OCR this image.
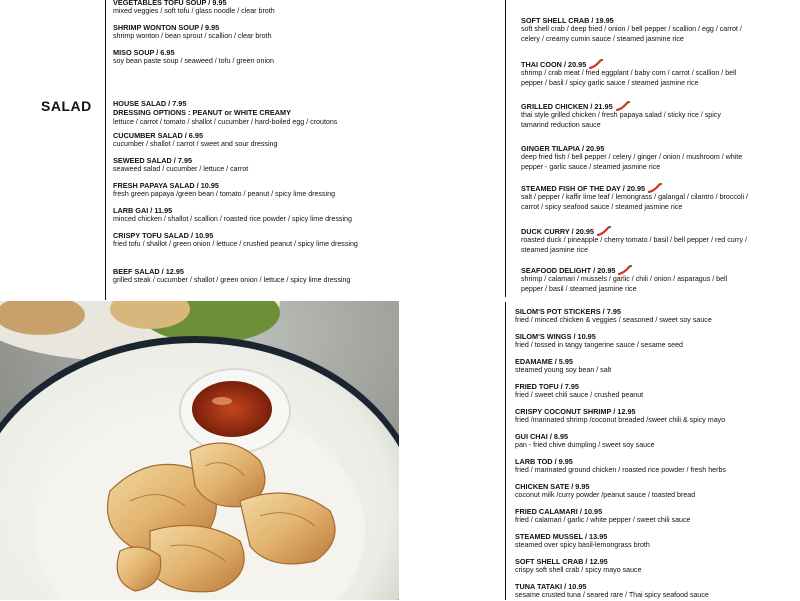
SALAD
VEGETABLES TOFU SOUP / 9.95
mixed veggies / soft tofu / glass noodle / clear broth
SHRIMP WONTON SOUP / 9.95
shrimp wonton / bean sprout / scallion / clear broth
MISO SOUP / 6.95
soy bean paste soup / seaweed / tofu / green onion
HOUSE SALAD / 7.95
DRESSING OPTIONS : PEANUT or WHITE CREAMY
lettuce / carrot / tomato / shallot / cucumber / hard-boiled egg / croutons
CUCUMBER SALAD / 6.95
cucumber / shallot / carrot / sweet and sour dressing
SEWEED SALAD / 7.95
seaweed salad / cucumber / lettuce / carrot
FRESH PAPAYA SALAD / 10.95
fresh green papaya /green bean / tomato / peanut / spicy lime dressing
LARB GAI / 11.95
minced chicken / shallot / scallion / roasted rice powder / spicy lime dressing
CRISPY TOFU SALAD / 10.95
fried tofu / shallot / green onion / lettuce / crushed peanut / spicy lime dressing
BEEF SALAD / 12.95
grilled steak / cucumber / shallot / green onion / lettuce / spicy lime dressing
SOFT SHELL CRAB / 19.95
soft shell crab / deep fried / onion / bell pepper / scallion / egg / carrot / celery / creamy cumin sauce / steamed jasmine rice
THAI COON / 20.95
shrimp / crab meat / fried eggplant / baby corn / carrot / scallion / bell pepper / basil / spicy garlic sauce / steamed jasmine rice
GRILLED CHICKEN / 21.95
thai style grilled chicken / fresh papaya salad / sticky rice / spicy tamarind reduction sauce
GINGER TILAPIA / 20.95
deep fried fish / bell pepper / celery / ginger / onion / mushroom / white pepper - garlic sauce / steamed jasmine rice
STEAMED FISH OF THE DAY / 20.95
salt / pepper / kaffir lime leaf / lemongrass / galangal / cilantro / broccoli / carrot / spicy seafood sauce / steamed jasmine rice
DUCK CURRY / 20.95
roasted duck / pineapple / cherry tomato / basil / bell pepper / red curry / steamed jasmine rice
SEAFOOD DELIGHT / 20.95
shrimp / calamari / mussels / garlic / chili / onion / asparagus / bell pepper / basil / steamed jasmine rice
SILOM'S POT STICKERS / 7.95
fried / minced chicken & veggies / seasoned / sweet soy sauce
SILOM'S WINGS / 10.95
fried / tossed in tangy tangerine sauce / sesame seed
EDAMAME / 5.95
steamed young soy bean / salt
FRIED TOFU / 7.95
fried / sweet chili sauce / crushed peanut
CRISPY COCONUT SHRIMP / 12.95
fried /marinated shrimp /coconut breaded /sweet chili & spicy mayo
GUI CHAI / 8.95
pan - fried chive dumpling / sweet soy sauce
LARB TOD / 9.95
fried / marinated ground chicken / roasted rice powder / fresh herbs
CHICKEN SATE / 9.95
coconut milk /curry powder /peanut sauce / toasted bread
FRIED CALAMARI / 10.95
fried / calamari / garlic / white pepper / sweet chili sauce
STEAMED MUSSEL / 13.95
steamed over spicy basil-lemongrass broth
SOFT SHELL CRAB / 12.95
crispy soft shell crab / spicy mayo sauce
TUNA TATAKI / 10.95
sesame crusted tuna / seared rare / Thai spicy seafood sauce
